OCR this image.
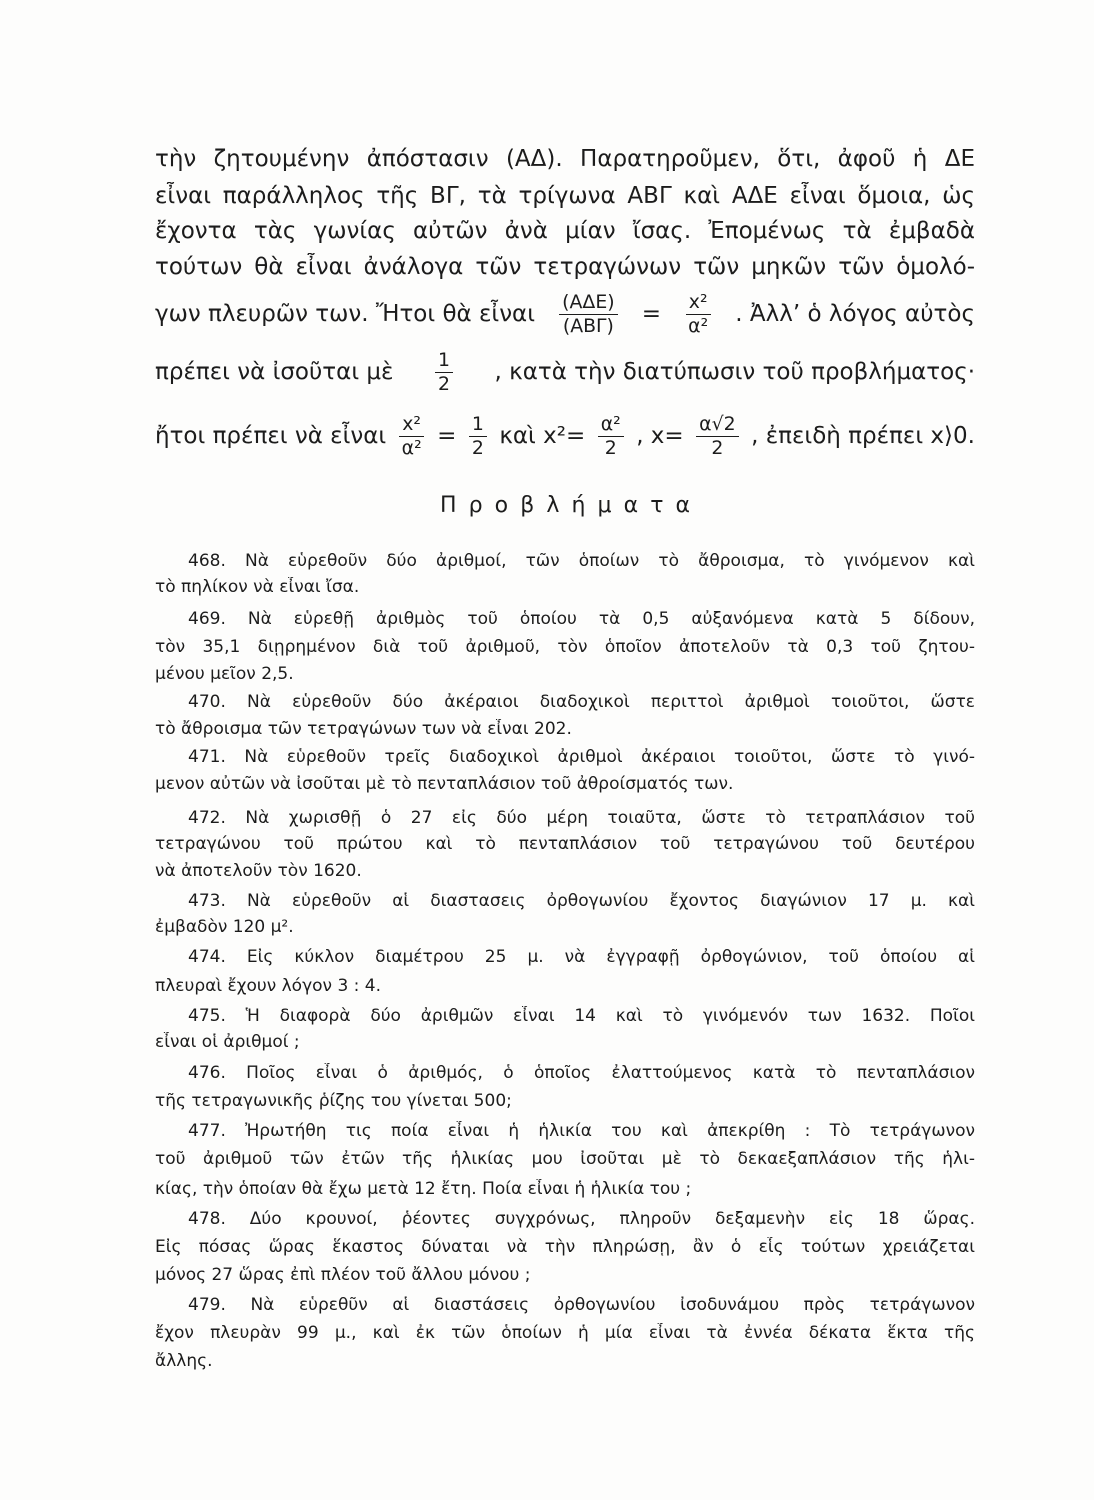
τὴν ζητουμένην ἀπόστασιν (ΑΔ). Παρατηροῦμεν, ὅτι, ἀφοῦ ἡ ΔΕ
εἶναι παράλληλος τῆς ΒΓ, τὰ τρίγωνα ΑΒΓ καὶ ΑΔΕ εἶναι ὅμοια, ὡς
ἔχοντα τὰς γωνίας αὐτῶν ἀνὰ μίαν ἴσας. Ἐπομένως τὰ ἐμβαδὰ
τούτων θὰ εἶναι ἀνάλογα τῶν τετραγώνων τῶν μηκῶν τῶν ὁμολό-
γων πλευρῶν των. Ἤτοι θὰ εἶναι $\frac{\text{(ΑΔΕ)}}{\text{(ΑΒΓ)}} = \frac{\text{x²}}{\text{α²}}$ . Ἀλλ’ ὁ λόγος αὐτὸς
πρέπει νὰ ἰσοῦται μὲ $\frac{1}{2}$ , κατὰ τὴν διατύπωσιν τοῦ προβλήματος·
ἤτοι πρέπει νὰ εἶναι $\frac{\text{x²}}{\text{α²}} = \frac{1}{2}$ καὶ $x^2= \frac{\text{α²}}{2}$ , $x= \frac{\alpha√2}{2}$ , ἐπειδὴ πρέπει x⟩0.
Προβλήματα
468. Νὰ εὑρεθοῦν δύο ἀριθμοί, τῶν ὁποίων τὸ ἄθροισμα, τὸ γινόμενον καὶ
τὸ πηλίκον νὰ εἶναι ἴσα.
469. Νὰ εὑρεθῇ ἀριθμὸς τοῦ ὁποίου τὰ 0,5 αὐξανόμενα κατὰ 5 δίδουν,
τὸν 35,1 διῃρημένον διὰ τοῦ ἀριθμοῦ, τὸν ὁποῖον ἀποτελοῦν τὰ 0,3 τοῦ ζητου-
μένου μεῖον 2,5.
470. Νὰ εὑρεθοῦν δύο ἀκέραιοι διαδοχικοὶ περιττοὶ ἀριθμοὶ τοιοῦτοι, ὥστε
τὸ ἄθροισμα τῶν τετραγώνων των νὰ εἶναι 202.
471. Νὰ εὑρεθοῦν τρεῖς διαδοχικοὶ ἀριθμοὶ ἀκέραιοι τοιοῦτοι, ὥστε τὸ γινό-
μενον αὐτῶν νὰ ἰσοῦται μὲ τὸ πενταπλάσιον τοῦ ἀθροίσματός των.
472. Νὰ χωρισθῇ ὁ 27 εἰς δύο μέρη τοιαῦτα, ὥστε τὸ τετραπλάσιον τοῦ
τετραγώνου τοῦ πρώτου καὶ τὸ πενταπλάσιον τοῦ τετραγώνου τοῦ δευτέρου
νὰ ἀποτελοῦν τὸν 1620.
473. Νὰ εὑρεθοῦν αἱ διαστασεις ὀρθογωνίου ἔχοντος διαγώνιον 17 μ. καὶ
ἐμβαδὸν 120 μ².
474. Εἰς κύκλον διαμέτρου 25 μ. νὰ ἐγγραφῇ ὀρθογώνιον, τοῦ ὁποίου αἱ
πλευραὶ ἔχουν λόγον 3 : 4.
475. Ἡ διαφορὰ δύο ἀριθμῶν εἶναι 14 καὶ τὸ γινόμενόν των 1632. Ποῖοι
εἶναι οἱ ἀριθμοί ;
476. Ποῖος εἶναι ὁ ἀριθμός, ὁ ὁποῖος ἐλαττούμενος κατὰ τὸ πενταπλάσιον
τῆς τετραγωνικῆς ῥίζης του γίνεται 500;
477. Ἠρωτήθη τις ποία εἶναι ἡ ἡλικία του καὶ ἀπεκρίθη : Τὸ τετράγωνον
τοῦ ἀριθμοῦ τῶν ἐτῶν τῆς ἡλικίας μου ἰσοῦται μὲ τὸ δεκαεξαπλάσιον τῆς ἡλι-
κίας, τὴν ὁποίαν θὰ ἔχω μετὰ 12 ἔτη. Ποία εἶναι ἡ ἡλικία του ;
478. Δύο κρουνοί, ῥέοντες συγχρόνως, πληροῦν δεξαμενὴν εἰς 18 ὥρας.
Εἰς πόσας ὥρας ἕκαστος δύναται νὰ τὴν πληρώσῃ, ἂν ὁ εἷς τούτων χρειάζεται
μόνος 27 ὥρας ἐπὶ πλέον τοῦ ἄλλου μόνου ;
479. Νὰ εὑρεθῦν αἱ διαστάσεις ὀρθογωνίου ἰσοδυνάμου πρὸς τετράγωνον
ἔχον πλευρὰν 99 μ., καὶ ἐκ τῶν ὁποίων ἡ μία εἶναι τὰ ἐννέα δέκατα ἕκτα τῆς
ἄλλης.
